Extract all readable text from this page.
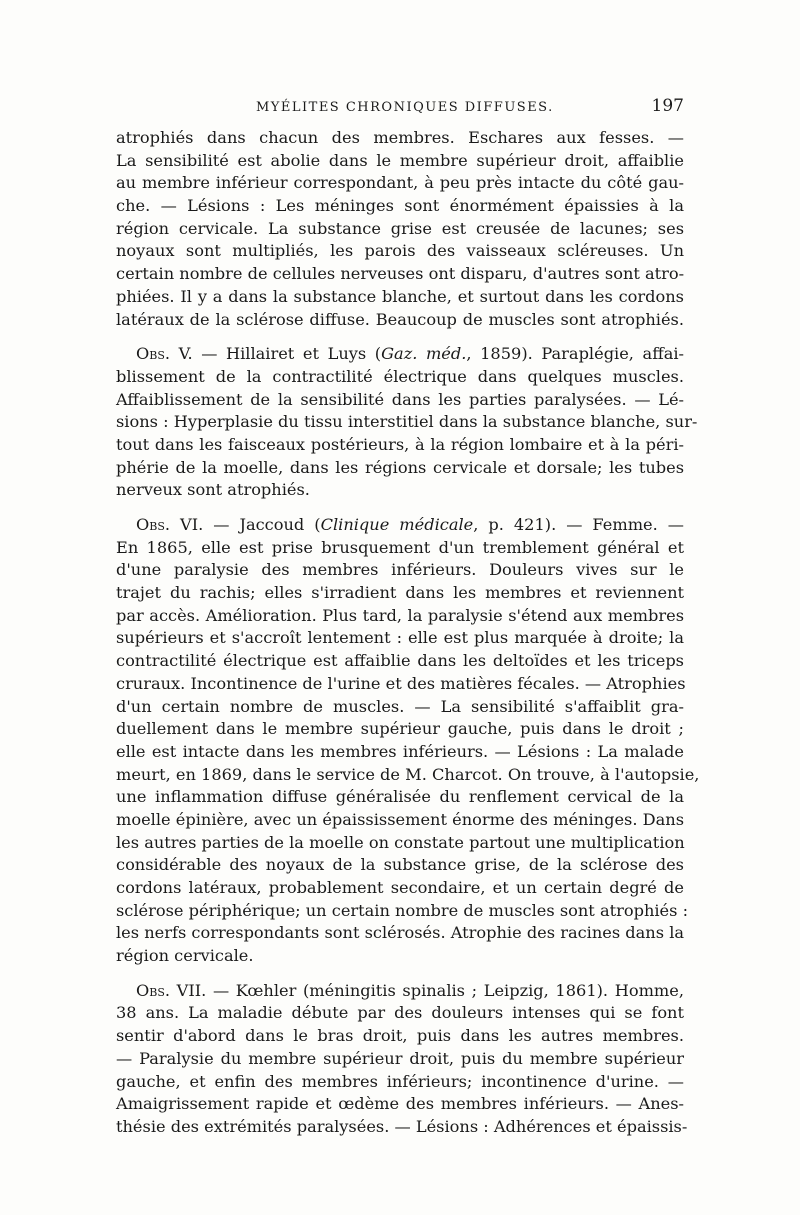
MYÉLITES CHRONIQUES DIFFUSES.	197
atrophiés dans chacun des membres. Eschares aux fesses. —
La sensibilité est abolie dans le membre supérieur droit, affaiblie
au membre inférieur correspondant, à peu près intacte du côté gau-
che. — Lésions : Les méninges sont énormément épaissies à la
région cervicale. La substance grise est creusée de lacunes; ses
noyaux sont multipliés, les parois des vaisseaux scléreuses. Un
certain nombre de cellules nerveuses ont disparu, d'autres sont atro-
phiées. Il y a dans la substance blanche, et surtout dans les cordons
latéraux de la sclérose diffuse. Beaucoup de muscles sont atrophiés.
Obs. V. — Hillairet et Luys (Gaz. méd., 1859). Paraplégie, affai-
blissement de la contractilité électrique dans quelques muscles.
Affaiblissement de la sensibilité dans les parties paralysées. — Lé-
sions : Hyperplasie du tissu interstitiel dans la substance blanche, sur-
tout dans les faisceaux postérieurs, à la région lombaire et à la péri-
phérie de la moelle, dans les régions cervicale et dorsale; les tubes
nerveux sont atrophiés.
Obs. VI. — Jaccoud (Clinique médicale, p. 421). — Femme. —
En 1865, elle est prise brusquement d'un tremblement général et
d'une paralysie des membres inférieurs. Douleurs vives sur le
trajet du rachis; elles s'irradient dans les membres et reviennent
par accès. Amélioration. Plus tard, la paralysie s'étend aux membres
supérieurs et s'accroît lentement : elle est plus marquée à droite; la
contractilité électrique est affaiblie dans les deltoïdes et les triceps
cruraux. Incontinence de l'urine et des matières fécales. — Atrophies
d'un certain nombre de muscles. — La sensibilité s'affaiblit gra-
duellement dans le membre supérieur gauche, puis dans le droit ;
elle est intacte dans les membres inférieurs. — Lésions : La malade
meurt, en 1869, dans le service de M. Charcot. On trouve, à l'autopsie,
une inflammation diffuse généralisée du renflement cervical de la
moelle épinière, avec un épaississement énorme des méninges. Dans
les autres parties de la moelle on constate partout une multiplication
considérable des noyaux de la substance grise, de la sclérose des
cordons latéraux, probablement secondaire, et un certain degré de
sclérose périphérique; un certain nombre de muscles sont atrophiés :
les nerfs correspondants sont sclérosés. Atrophie des racines dans la
région cervicale.
Obs. VII. — Kœhler (méningitis spinalis ; Leipzig, 1861). Homme,
38 ans. La maladie débute par des douleurs intenses qui se font
sentir d'abord dans le bras droit, puis dans les autres membres.
— Paralysie du membre supérieur droit, puis du membre supérieur
gauche, et enfin des membres inférieurs; incontinence d'urine. —
Amaigrissement rapide et œdème des membres inférieurs. — Anes-
thésie des extrémités paralysées. — Lésions : Adhérences et épaissis-
